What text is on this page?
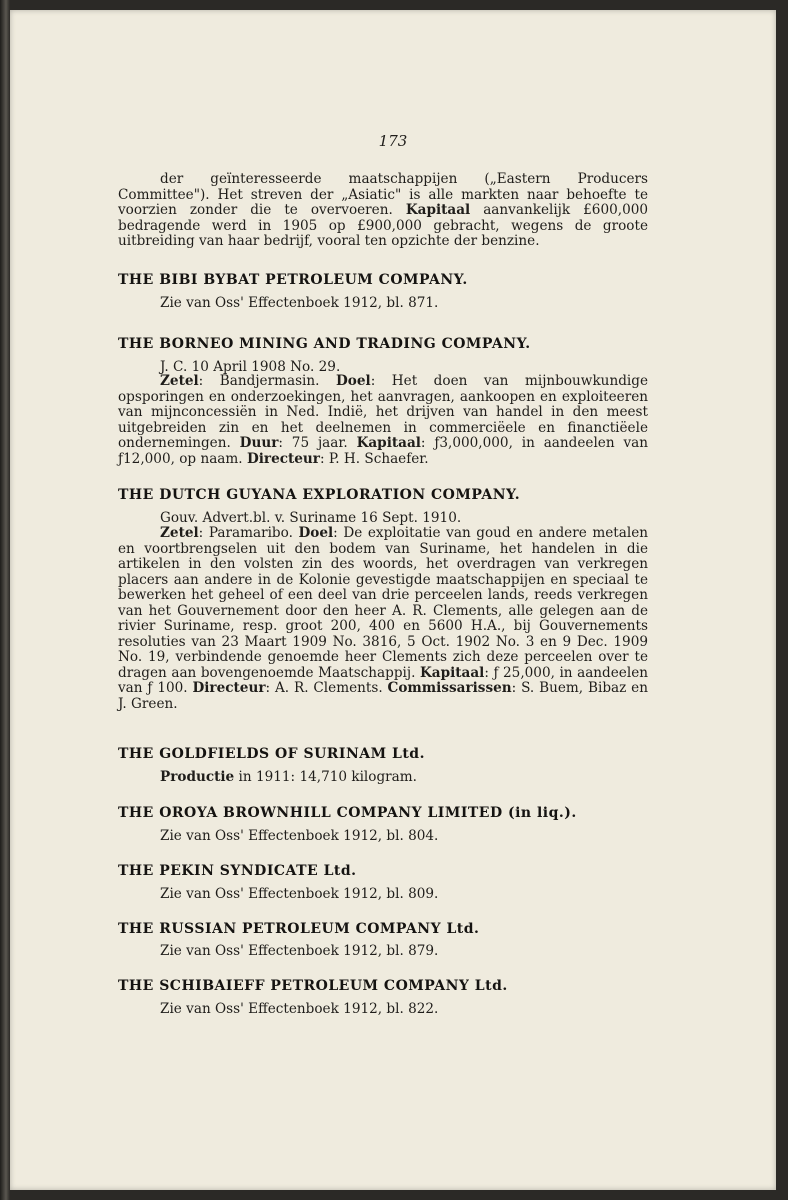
173

der geïnteresseerde maatschappijen („Eastern Producers Committee"). Het streven der „Asiatic" is alle markten naar behoefte te voorzien zonder die te overvoeren. Kapitaal aanvankelijk £600,000 bedragende werd in 1905 op £900,000 gebracht, wegens de groote uitbreiding van haar bedrijf, vooral ten opzichte der benzine.

THE BIBI BYBAT PETROLEUM COMPANY.
Zie van Oss' Effectenboek 1912, bl. 871.
THE BORNEO MINING AND TRADING COMPANY.
J. C. 10 April 1908 No. 29.

Zetel: Bandjermasin. Doel: Het doen van mijnbouwkundige opsporingen en onderzoekingen, het aanvragen, aankoopen en exploiteeren van mijnconcessiën in Ned. Indië, het drijven van handel in den meest uitgebreiden zin en het deelnemen in commerciëele en financtiëele ondernemingen. Duur: 75 jaar. Kapitaal: ƒ3,000,000, in aandeelen van ƒ12,000, op naam. Directeur: P. H. Schaefer.

THE DUTCH GUYANA EXPLORATION COMPANY.
Gouv. Advert.bl. v. Suriname 16 Sept. 1910.

Zetel: Paramaribo. Doel: De exploitatie van goud en andere metalen en voortbrengselen uit den bodem van Suriname, het handelen in die artikelen in den volsten zin des woords, het overdragen van verkregen placers aan andere in de Kolonie gevestigde maatschappijen en speciaal te bewerken het geheel of een deel van drie perceelen lands, reeds verkregen van het Gouvernement door den heer A. R. Clements, alle gelegen aan de rivier Suriname, resp. groot 200, 400 en 5600 H.A., bij Gouvernements resoluties van 23 Maart 1909 No. 3816, 5 Oct. 1902 No. 3 en 9 Dec. 1909 No. 19, verbindende genoemde heer Clements zich deze perceelen over te dragen aan bovengenoemde Maatschappij. Kapitaal: ƒ 25,000, in aandeelen van ƒ 100. Directeur: A. R. Clements. Commissarissen: S. Buem, Bibaz en J. Green.

THE GOLDFIELDS OF SURINAM Ltd.
Productie in 1911: 14,710 kilogram.
THE OROYA BROWNHILL COMPANY LIMITED (in liq.).
Zie van Oss' Effectenboek 1912, bl. 804.
THE PEKIN SYNDICATE Ltd.
Zie van Oss' Effectenboek 1912, bl. 809.
THE RUSSIAN PETROLEUM COMPANY Ltd.
Zie van Oss' Effectenboek 1912, bl. 879.
THE SCHIBAIEFF PETROLEUM COMPANY Ltd.
Zie van Oss' Effectenboek 1912, bl. 822.
